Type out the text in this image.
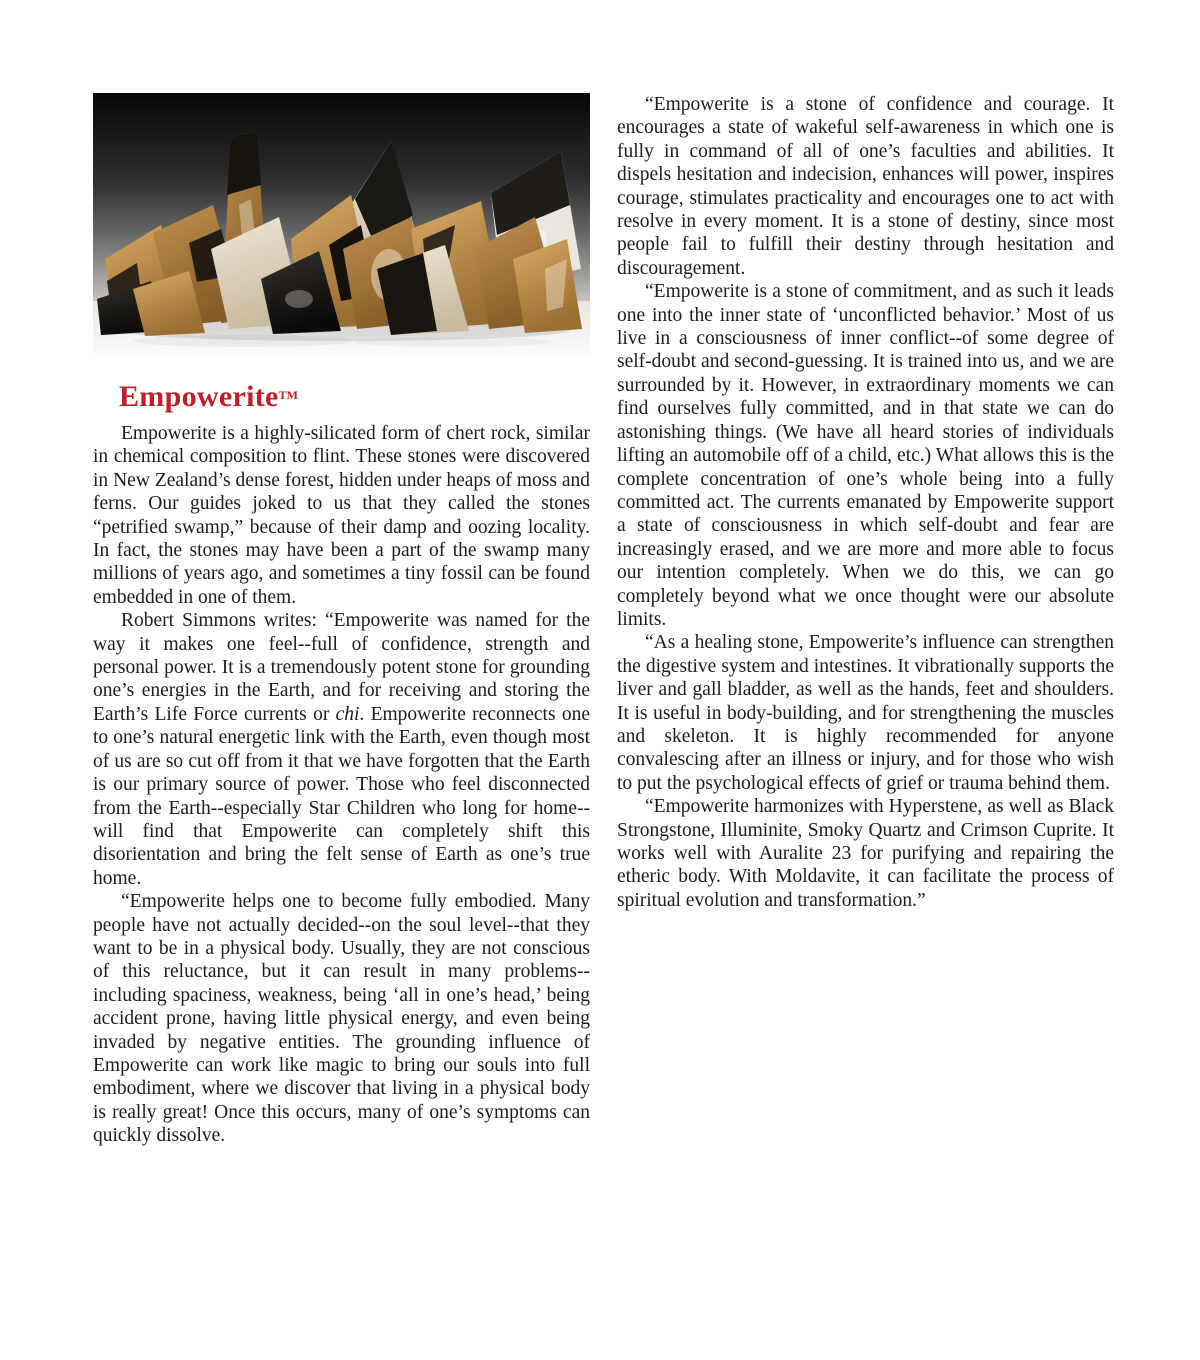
Empowerite™

Empowerite is a highly-silicated form of chert rock, similar in chemical composition to flint. These stones were discovered in New Zealand’s dense forest, hidden under heaps of moss and ferns. Our guides joked to us that they called the stones “petrified swamp,” because of their damp and oozing locality. In fact, the stones may have been a part of the swamp many millions of years ago, and sometimes a tiny fossil can be found embedded in one of them.

Robert Simmons writes: “Empowerite was named for the way it makes one feel--full of confidence, strength and personal power. It is a tremendously potent stone for grounding one’s energies in the Earth, and for receiving and storing the Earth’s Life Force currents or chi. Empowerite reconnects one to one’s natural energetic link with the Earth, even though most of us are so cut off from it that we have forgotten that the Earth is our primary source of power. Those who feel disconnected from the Earth--especially Star Children who long for home--will find that Empowerite can completely shift this disorientation and bring the felt sense of Earth as one’s true home.

“Empowerite helps one to become fully embodied. Many people have not actually decided--on the soul level--that they want to be in a physical body. Usually, they are not conscious of this reluctance, but it can result in many problems--including spaciness, weakness, being ‘all in one’s head,’ being accident prone, having little physical energy, and even being invaded by negative entities. The grounding influence of Empowerite can work like magic to bring our souls into full embodiment, where we discover that living in a physical body is really great! Once this occurs, many of one’s symptoms can quickly dissolve.

“Empowerite is a stone of confidence and courage. It encourages a state of wakeful self-awareness in which one is fully in command of all of one’s faculties and abilities. It dispels hesitation and indecision, enhances will power, inspires courage, stimulates practicality and encourages one to act with resolve in every moment. It is a stone of destiny, since most people fail to fulfill their destiny through hesitation and discouragement.

“Empowerite is a stone of commitment, and as such it leads one into the inner state of ‘unconflicted behavior.’ Most of us live in a consciousness of inner conflict--of some degree of self-doubt and second-guessing. It is trained into us, and we are surrounded by it. However, in extraordinary moments we can find ourselves fully committed, and in that state we can do astonishing things. (We have all heard stories of individuals lifting an automobile off of a child, etc.) What allows this is the complete concentration of one’s whole being into a fully committed act. The currents emanated by Empowerite support a state of consciousness in which self-doubt and fear are increasingly erased, and we are more and more able to focus our intention completely. When we do this, we can go completely beyond what we once thought were our absolute limits.

“As a healing stone, Empowerite’s influence can strengthen the digestive system and intestines. It vibrationally supports the liver and gall bladder, as well as the hands, feet and shoulders. It is useful in body-building, and for strengthening the muscles and skeleton. It is highly recommended for anyone convalescing after an illness or injury, and for those who wish to put the psychological effects of grief or trauma behind them.

“Empowerite harmonizes with Hyperstene, as well as Black Strongstone, Illuminite, Smoky Quartz and Crimson Cuprite. It works well with Auralite 23 for purifying and repairing the etheric body. With Moldavite, it can facilitate the process of spiritual evolution and transformation.”
